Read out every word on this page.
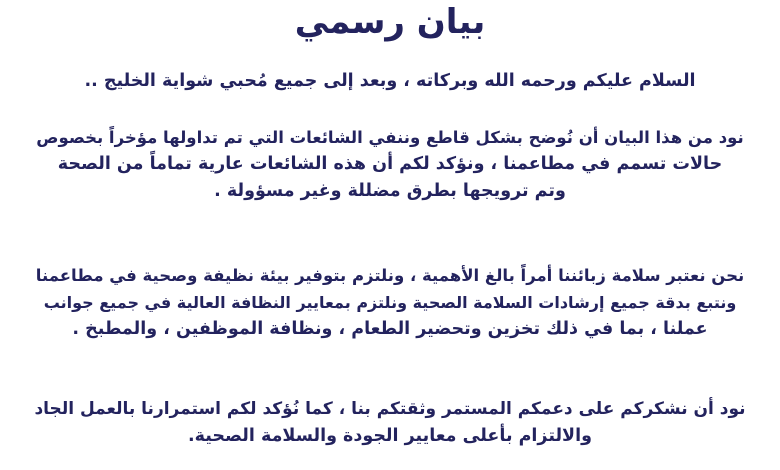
بيان رسمي
السلام عليكم ورحمه الله وبركاته ، وبعد إلى جميع مُحبي شواية الخليج ..
نود من هذا البيان أن نُوضح بشكل قاطع وننفي الشائعات التي تم تداولها مؤخراً بخصوص
حالات تسمم في مطاعمنا ، ونؤكد لكم أن هذه الشائعات عارية تماماً من الصحة
وتم ترويجها بطرق مضللة وغير مسؤولة .
نحن نعتبر سلامة زبائننا أمراً بالغ الأهمية ، ونلتزم بتوفير بيئة نظيفة وصحية في مطاعمنا
ونتبع بدقة جميع إرشادات السلامة الصحية ونلتزم بمعايير النظافة العالية في جميع جوانب
عملنا ، بما في ذلك تخزين وتحضير الطعام ، ونظافة الموظفين ، والمطبخ .
نود أن نشكركم على دعمكم المستمر وثقتكم بنا ، كما نُؤكد لكم استمرارنا بالعمل الجاد
والالتزام بأعلى معايير الجودة والسلامة الصحية.
